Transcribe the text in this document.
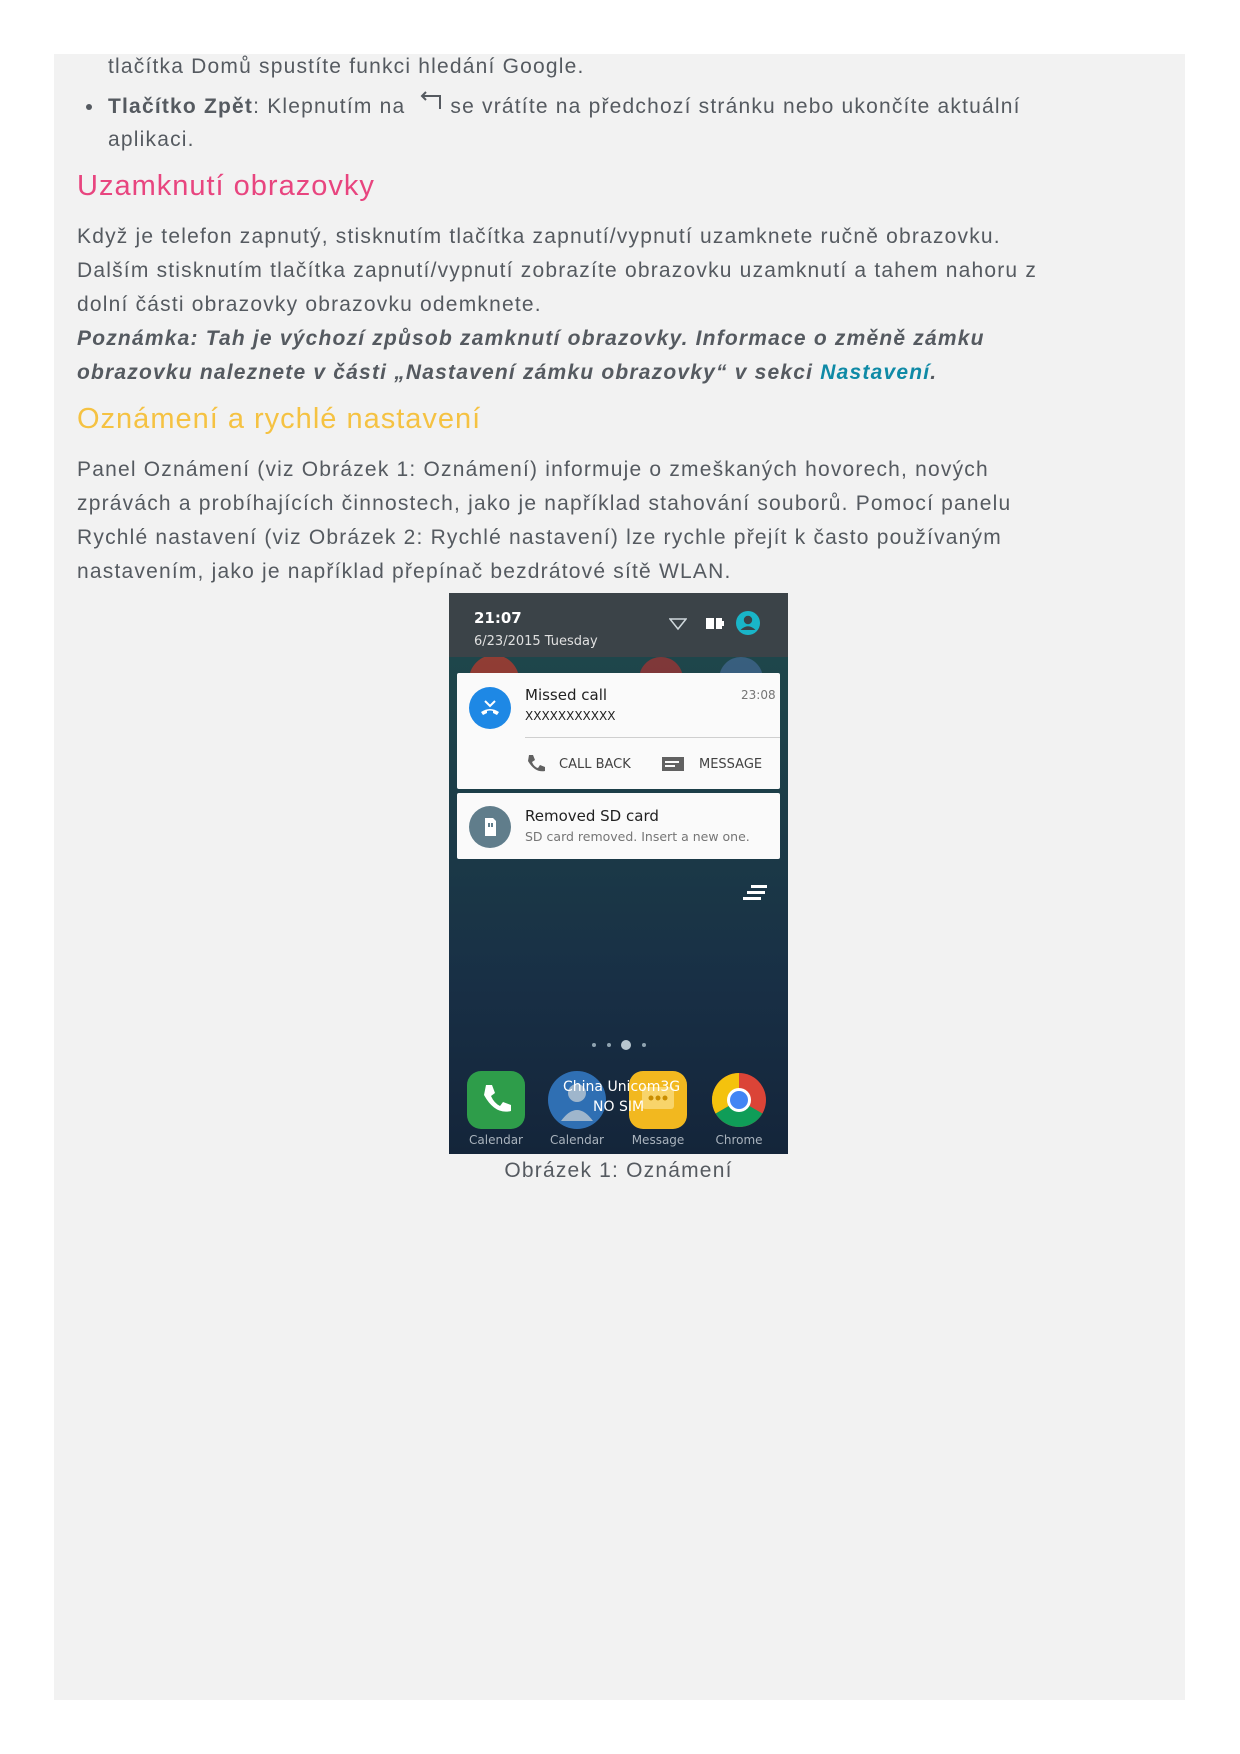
tlačítka Domů spustíte funkci hledání Google.
Tlačítko Zpět: Klepnutím na se vrátíte na předchozí stránku nebo ukončíte aktuální
aplikaci.
Uzamknutí obrazovky
Když je telefon zapnutý, stisknutím tlačítka zapnutí/vypnutí uzamknete ručně obrazovku.
Dalším stisknutím tlačítka zapnutí/vypnutí zobrazíte obrazovku uzamknutí a tahem nahoru z
dolní části obrazovky obrazovku odemknete.
Poznámka: Tah je výchozí způsob zamknutí obrazovky. Informace o změně zámku
obrazovku naleznete v části „Nastavení zámku obrazovky“ v sekci Nastavení.
Oznámení a rychlé nastavení
Panel Oznámení (viz Obrázek 1: Oznámení) informuje o zmeškaných hovorech, nových
zprávách a probíhajících činnostech, jako je například stahování souborů. Pomocí panelu
Rychlé nastavení (viz Obrázek 2: Rychlé nastavení) lze rychle přejít k často používaným
nastavením, jako je například přepínač bezdrátové sítě WLAN.
21:07
6/23/2015 Tuesday
Missed call
XXXXXXXXXXX
23:08
CALL BACK	MESSAGE
Removed SD card
SD card removed. Insert a new one.
China Unicom3G
NO SIM
Calendar	Calendar	Message	Chrome
Obrázek 1: Oznámení
